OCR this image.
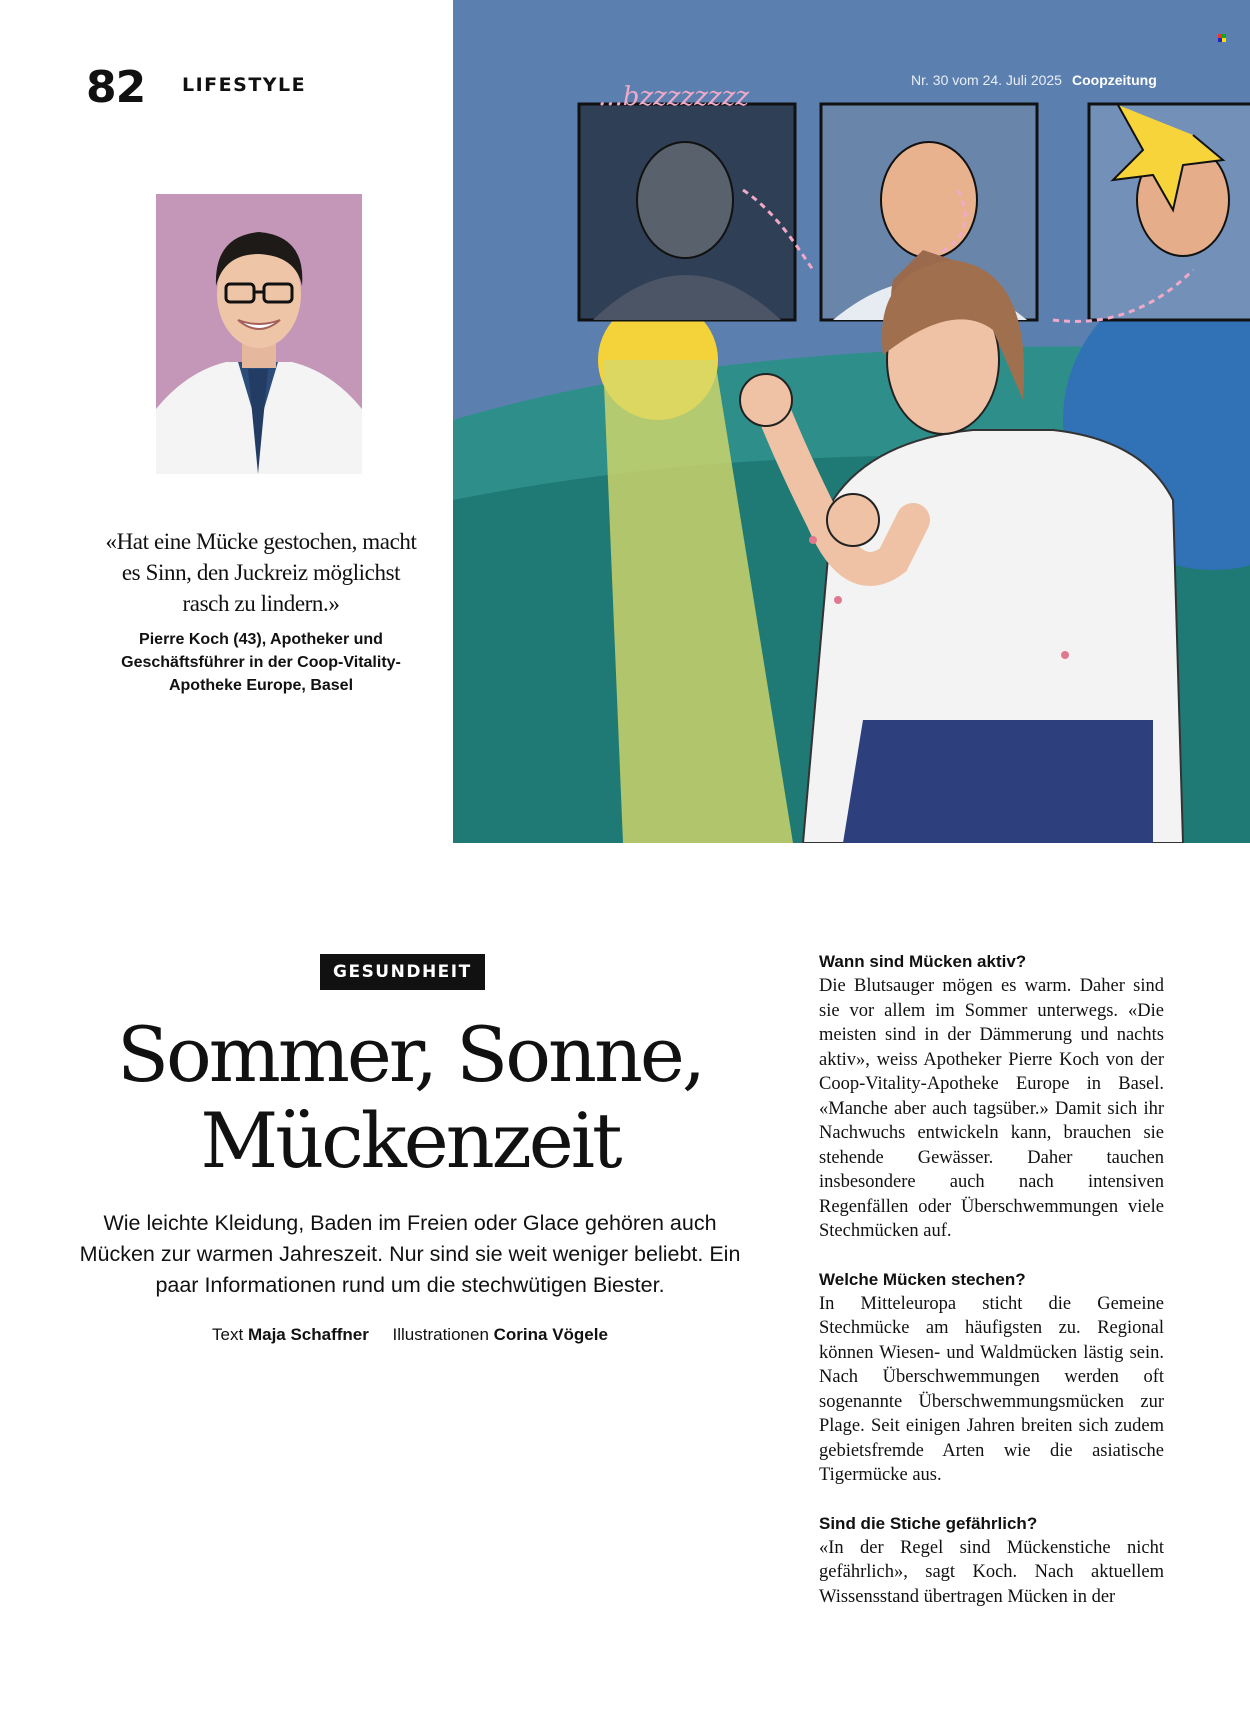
82 LIFESTYLE
«Hat eine Mücke gestochen, macht es Sinn, den Juckreiz möglichst rasch zu lindern.»
Pierre Koch (43), Apotheker und Geschäftsführer in der Coop-Vitality-Apotheke Europe, Basel
...bzzzzzzzz
Nr. 30 vom 24. Juli 2025 Coopzeitung
GESUNDHEIT
Sommer, Sonne, Mückenzeit
Wie leichte Kleidung, Baden im Freien oder Glace gehören auch Mücken zur warmen Jahreszeit. Nur sind sie weit weniger beliebt. Ein paar Informationen rund um die stechwütigen Biester.
Text Maja Schaffner Illustrationen Corina Vögele
Wann sind Mücken aktiv?

Die Blutsauger mögen es warm. Daher sind sie vor allem im Sommer unterwegs. «Die meisten sind in der Dämmerung und nachts aktiv», weiss Apotheker Pierre Koch von der Coop-Vitality-Apotheke Europe in Basel. «Manche aber auch tagsüber.» Damit sich ihr Nachwuchs entwickeln kann, brauchen sie stehende Gewässer. Daher tauchen insbesondere auch nach intensiven Regenfällen oder Überschwemmungen viele Stechmücken auf.

Welche Mücken stechen?

In Mitteleuropa sticht die Gemeine Stechmücke am häufigsten zu. Regional können Wiesen- und Waldmücken lästig sein. Nach Überschwemmungen werden oft sogenannte Überschwemmungsmücken zur Plage. Seit einigen Jahren breiten sich zudem gebietsfremde Arten wie die asiatische Tigermücke aus.

Sind die Stiche gefährlich?

«In der Regel sind Mückenstiche nicht gefährlich», sagt Koch. Nach aktuellem Wissensstand übertragen Mücken in der
